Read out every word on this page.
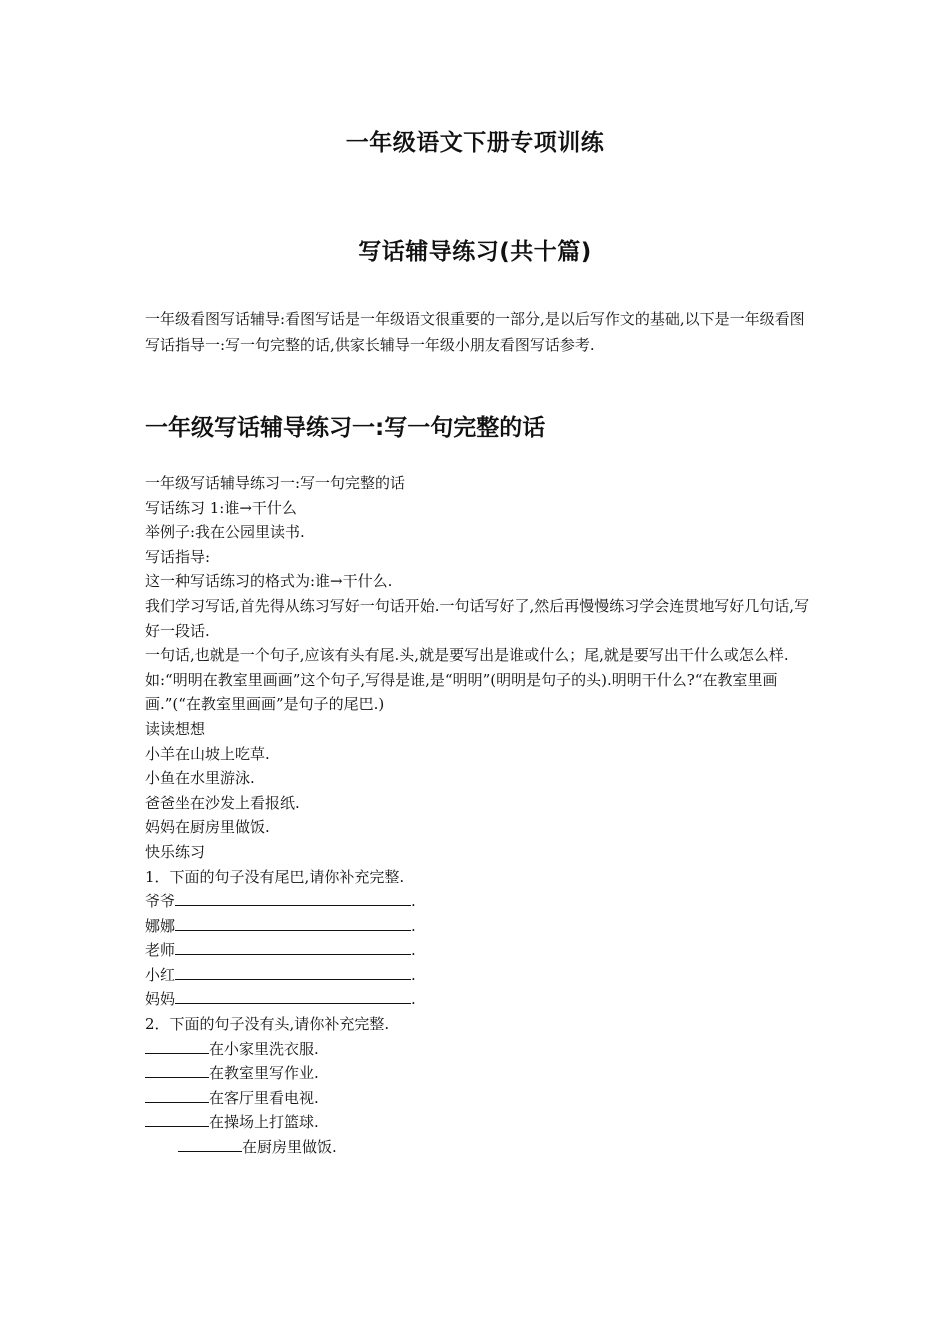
一年级语文下册专项训练
写话辅导练习(共十篇)
一年级看图写话辅导:看图写话是一年级语文很重要的一部分,是以后写作文的基础,以下是一年级看图写话指导一:写一句完整的话,供家长辅导一年级小朋友看图写话参考.
一年级写话辅导练习一:写一句完整的话
一年级写话辅导练习一:写一句完整的话
写话练习 1:谁→干什么
举例子:我在公园里读书.
写话指导:
这一种写话练习的格式为:谁→干什么.
我们学习写话,首先得从练习写好一句话开始.一句话写好了,然后再慢慢练习学会连贯地写好几句话,写好一段话.
一句话,也就是一个句子,应该有头有尾.头,就是要写出是谁或什么；尾,就是要写出干什么或怎么样.如:“明明在教室里画画”这个句子,写得是谁,是“明明”(明明是句子的头).明明干什么?“在教室里画画.”(“在教室里画画”是句子的尾巴.)
读读想想
小羊在山坡上吃草.
小鱼在水里游泳.
爸爸坐在沙发上看报纸.
妈妈在厨房里做饭.
快乐练习
1．下面的句子没有尾巴,请你补充完整.
爷爷	.
娜娜	.
老师	.
小红	.
妈妈	.
2．下面的句子没有头,请你补充完整.
在小家里洗衣服.
在教室里写作业.
在客厅里看电视.
在操场上打篮球.
在厨房里做饭.
